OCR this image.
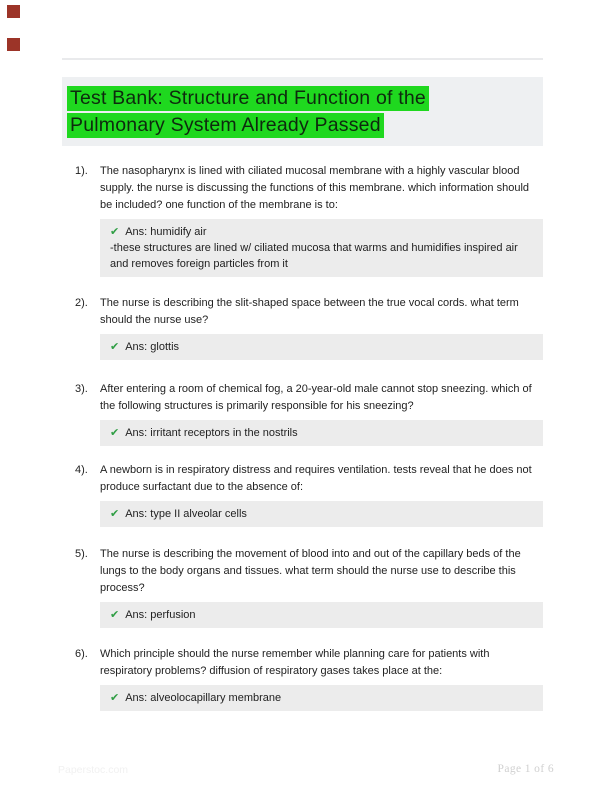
Test Bank: Structure and Function of the
Pulmonary System Already Passed
1).	The nasopharynx is lined with ciliated mucosal membrane with a highly vascular blood supply. the nurse is discussing the functions of this membrane. which information should be included? one function of the membrane is to:
✔ Ans: humidify air
-these structures are lined w/ ciliated mucosa that warms and humidifies inspired air and removes foreign particles from it
2).	The nurse is describing the slit-shaped space between the true vocal cords. what term should the nurse use?
✔ Ans: glottis
3).	After entering a room of chemical fog, a 20-year-old male cannot stop sneezing. which of the following structures is primarily responsible for his sneezing?
✔ Ans: irritant receptors in the nostrils
4).	A newborn is in respiratory distress and requires ventilation. tests reveal that he does not produce surfactant due to the absence of:
✔ Ans: type II alveolar cells
5).	The nurse is describing the movement of blood into and out of the capillary beds of the lungs to the body organs and tissues. what term should the nurse use to describe this process?
✔ Ans: perfusion
6).	Which principle should the nurse remember while planning care for patients with respiratory problems? diffusion of respiratory gases takes place at the:
✔ Ans: alveolocapillary membrane
Paperstoc.com	Page 1 of 6
